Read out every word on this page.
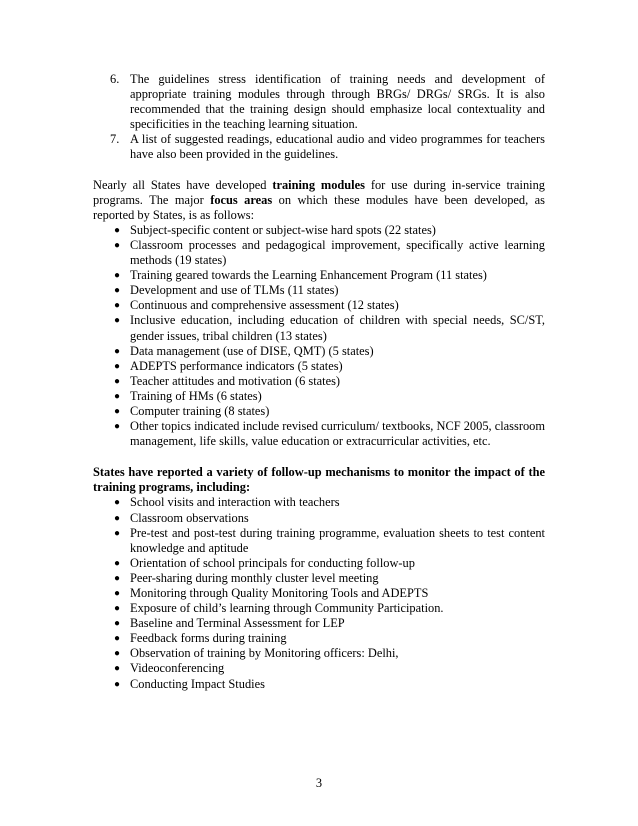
6. The guidelines stress identification of training needs and development of appropriate training modules through through BRGs/ DRGs/ SRGs. It is also recommended that the training design should emphasize local contextuality and specificities in the teaching learning situation.
7. A list of suggested readings, educational audio and video programmes for teachers have also been provided in the guidelines.

Nearly all States have developed training modules for use during in-service training programs. The major focus areas on which these modules have been developed, as reported by States, is as follows:

● Subject-specific content or subject-wise hard spots (22 states)
● Classroom processes and pedagogical improvement, specifically active learning methods (19 states)
● Training geared towards the Learning Enhancement Program (11 states)
● Development and use of TLMs (11 states)
● Continuous and comprehensive assessment (12 states)
● Inclusive education, including education of children with special needs, SC/ST, gender issues, tribal children (13 states)
● Data management (use of DISE, QMT) (5 states)
● ADEPTS performance indicators (5 states)
● Teacher attitudes and motivation (6 states)
● Training of HMs (6 states)
● Computer training (8 states)
● Other topics indicated include revised curriculum/ textbooks, NCF 2005, classroom management, life skills, value education or extracurricular activities, etc.

States have reported a variety of follow-up mechanisms to monitor the impact of the training programs, including:

● School visits and interaction with teachers
● Classroom observations
● Pre-test and post-test during training programme, evaluation sheets to test content knowledge and aptitude
● Orientation of school principals for conducting follow-up
● Peer-sharing during monthly cluster level meeting
● Monitoring through Quality Monitoring Tools and ADEPTS
● Exposure of child’s learning through Community Participation.
● Baseline and Terminal Assessment for LEP
● Feedback forms during training
● Observation of training by Monitoring officers: Delhi,
● Videoconferencing
● Conducting Impact Studies
3
